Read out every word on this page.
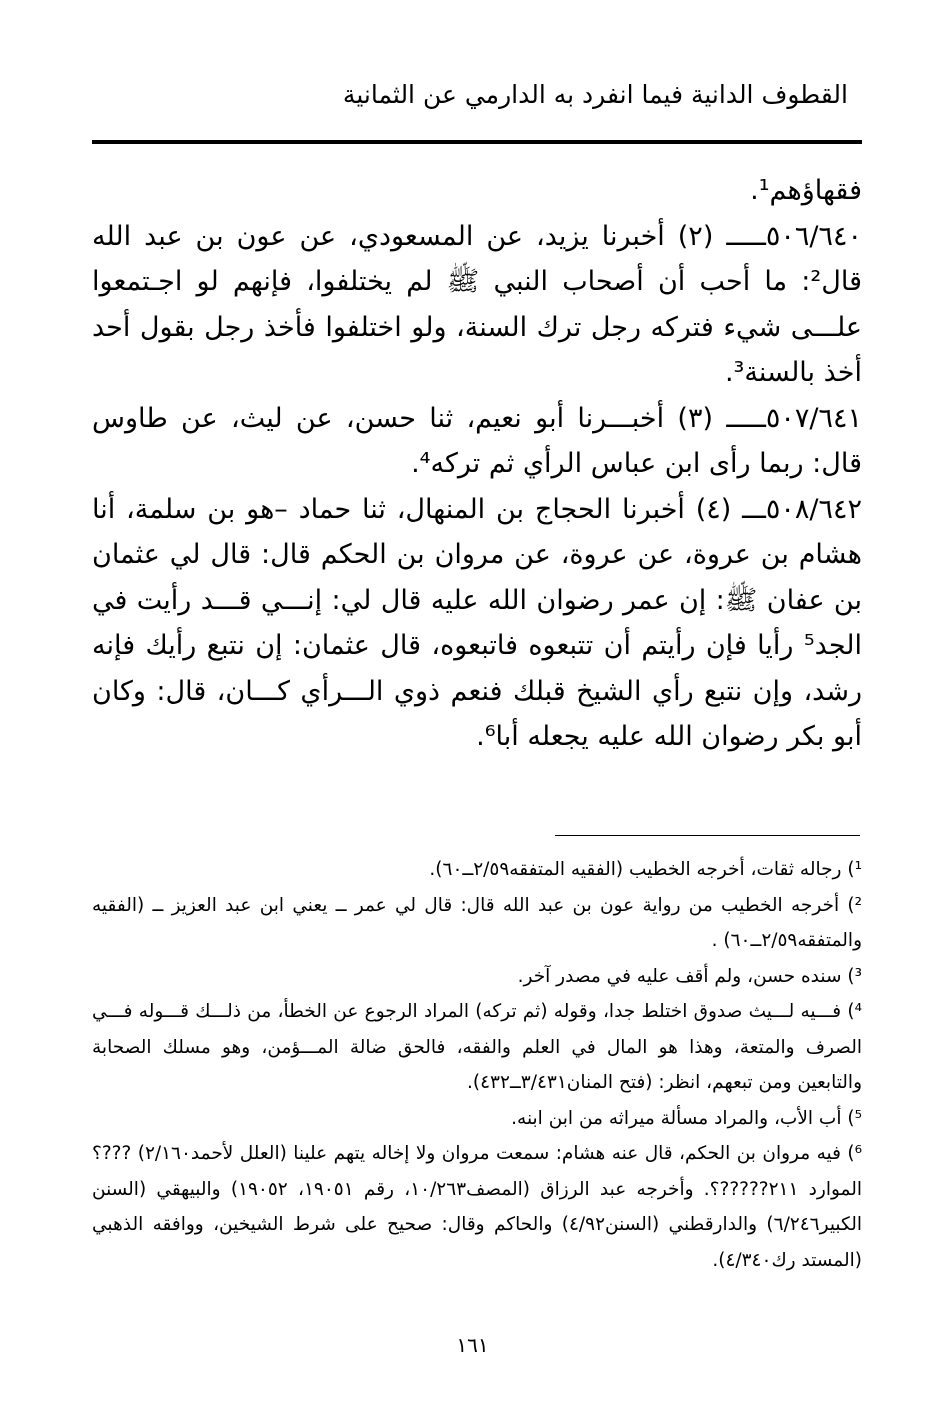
القطوف الدانية فيما انفرد به الدارمي عن الثمانية

فقهاؤهم¹.

٥٠٦/٦٤٠ـــــ (٢) أخبرنا يزيد، عن المسعودي، عن عون بن عبد الله قال²: ما أحب أن أصحاب النبي ﷺ لم يختلفوا، فإنهم لو اجـتمعوا علـــى شيء فتركه رجل ترك السنة، ولو اختلفوا فأخذ رجل بقول أحد أخذ بالسنة³.

٥٠٧/٦٤١ـــــ (٣) أخبـــرنا أبو نعيم، ثنا حسن، عن ليث، عن طاوس قال: ربما رأى ابن عباس الرأي ثم تركه⁴.

٥٠٨/٦٤٢ـــ (٤) أخبرنا الحجاج بن المنهال، ثنا حماد –هو بن سلمة، أنا هشام بن عروة، عن عروة، عن مروان بن الحكم قال: قال لي عثمان بن عفان ﷺ: إن عمر رضوان الله عليه قال لي: إنـــي قـــد رأيت في الجد⁵ رأيا فإن رأيتم أن تتبعوه فاتبعوه، قال عثمان: إن نتبع رأيك فإنه رشد، وإن نتبع رأي الشيخ قبلك فنعم ذوي الـــرأي كـــان، قال: وكان أبو بكر رضوان الله عليه يجعله أبا⁶.

¹) رجاله ثقات، أخرجه الخطيب (الفقيه المتفقه٢/٥٩ــ٦٠).

²) أخرجه الخطيب من رواية عون بن عبد الله قال: قال لي عمر ــ يعني ابن عبد العزيز ــ (الفقيه والمتفقه٢/٥٩ــ٦٠) .

³) سنده حسن، ولم أقف عليه في مصدر آخر.

⁴) فـــيه لـــيث صدوق اختلط جدا، وقوله (ثم تركه) المراد الرجوع عن الخطأ، من ذلـــك قـــوله فـــي الصرف والمتعة، وهذا هو المال في العلم والفقه، فالحق ضالة المـــؤمن، وهو مسلك الصحابة والتابعين ومن تبعهم، انظر: (فتح المنان٣/٤٣١ــ٤٣٢).

⁵) أب الأب، والمراد مسألة ميراثه من ابن ابنه.

⁶) فيه مروان بن الحكم، قال عنه هشام: سمعت مروان ولا إخاله يتهم علينا (العلل لأحمد٢/١٦٠) ???؟ الموارد ٢١١?????؟. وأخرجه عبد الرزاق (المصف١٠/٢٦٣، رقم ١٩٠٥١، ١٩٠٥٢) والبيهقي (السنن الكبير٦/٢٤٦) والدارقطني (السنن٤/٩٢) والحاكم وقال: صحيح على شرط الشيخين، ووافقه الذهبي (المستد رك٤/٣٤٠).

١٦١
